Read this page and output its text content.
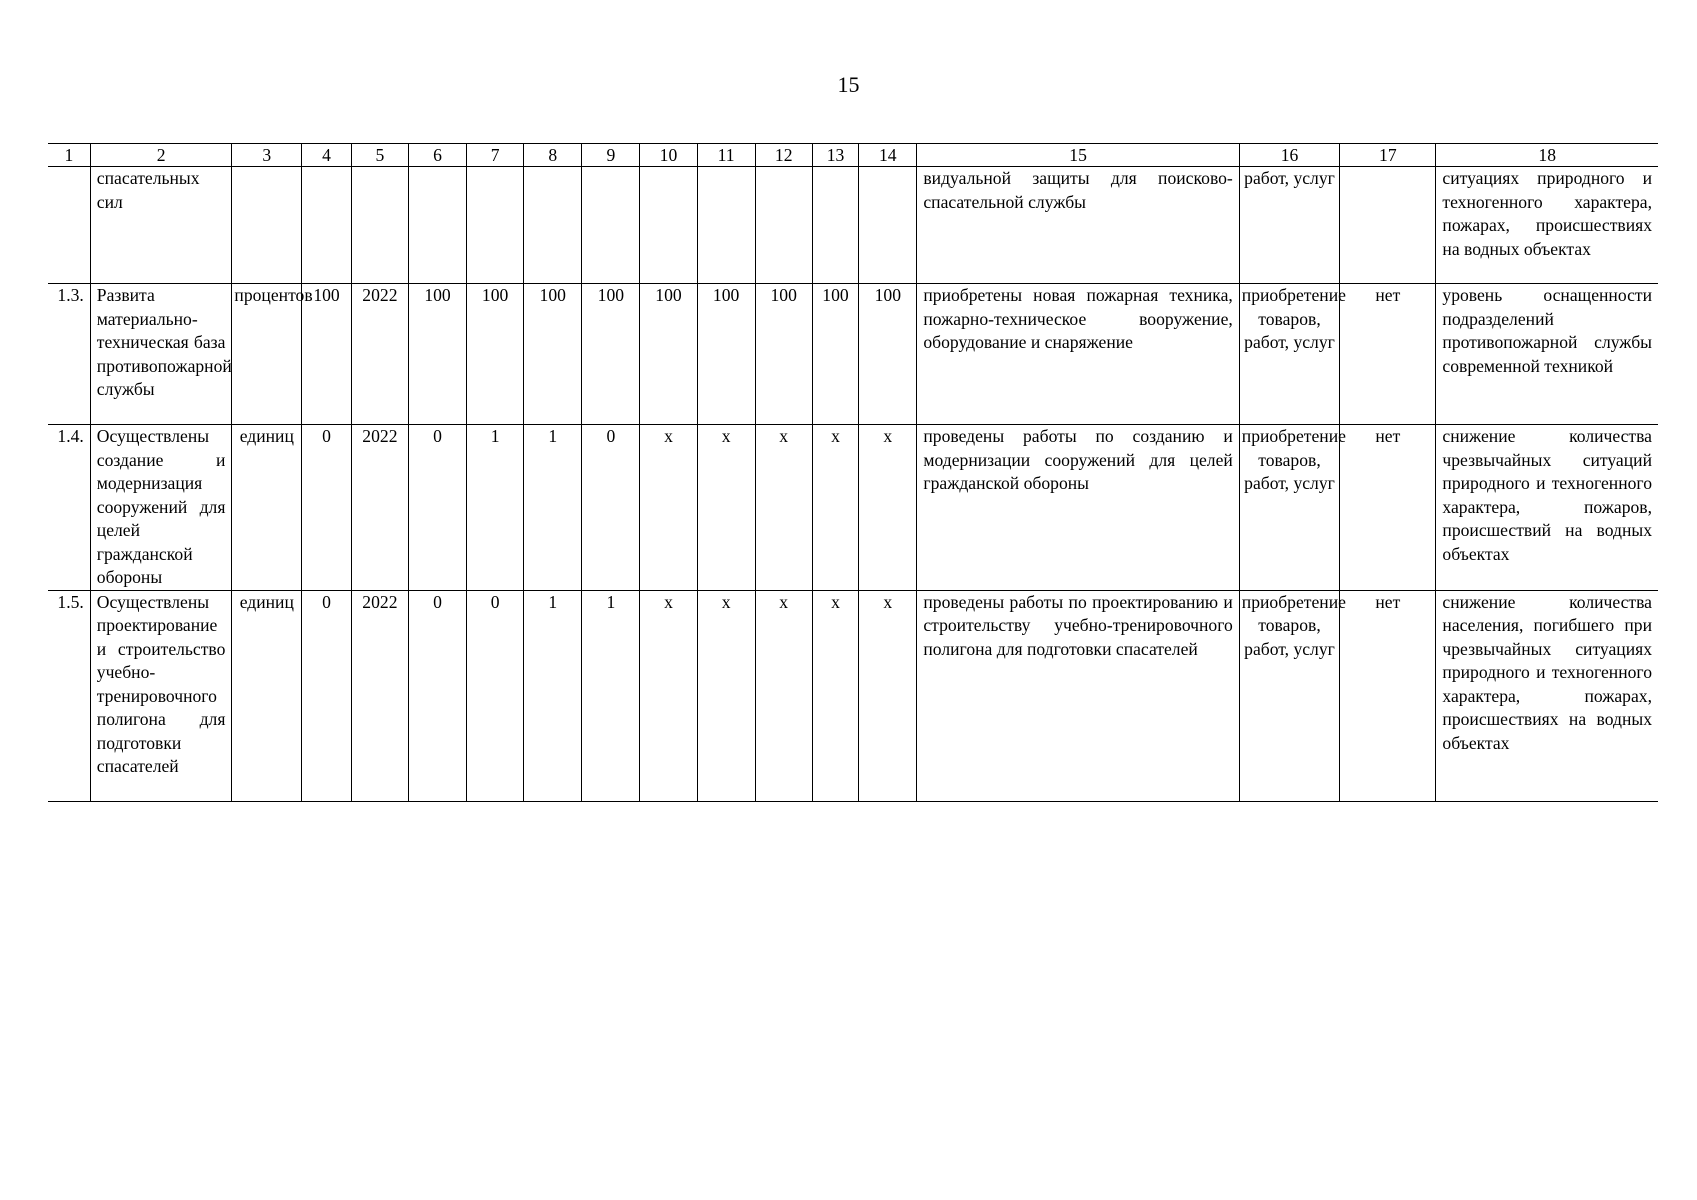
15
1	2	3	4	5	6	7	8	9	10	11	12	13	14	15	16	17	18
	спасательных сил													видуальной защиты для поисково-спасательной службы	работ, услуг		ситуациях природного и техногенного характера, пожарах, происшествиях на водных объектах
1.3.	Развита материально-техническая база противопожарной службы	процентов	100	2022	100	100	100	100	100	100	100	100	100	приобретены новая пожарная техника, пожарно-техническое вооружение, оборудование и снаряжение	приобретение товаров, работ, услуг	нет	уровень оснащенности подразделений противопожарной службы современной техникой
1.4.	Осуществлены создание и модернизация сооружений для целей гражданской обороны	единиц	0	2022	0	1	1	0	х	х	х	х	х	проведены работы по созданию и модернизации сооружений для целей гражданской обороны	приобретение товаров, работ, услуг	нет	снижение количества чрезвычайных ситуаций природного и техногенного характера, пожаров, происшествий на водных объектах
1.5.	Осуществлены проектирование и строительство учебно-тренировочного полигона для подготовки спасателей	единиц	0	2022	0	0	1	1	х	х	х	х	х	проведены работы по проектированию и строительству учебно-тренировочного полигона для подготовки спасателей	приобретение товаров, работ, услуг	нет	снижение количества населения, погибшего при чрезвычайных ситуациях природного и техногенного характера, пожарах, происшествиях на водных объектах
